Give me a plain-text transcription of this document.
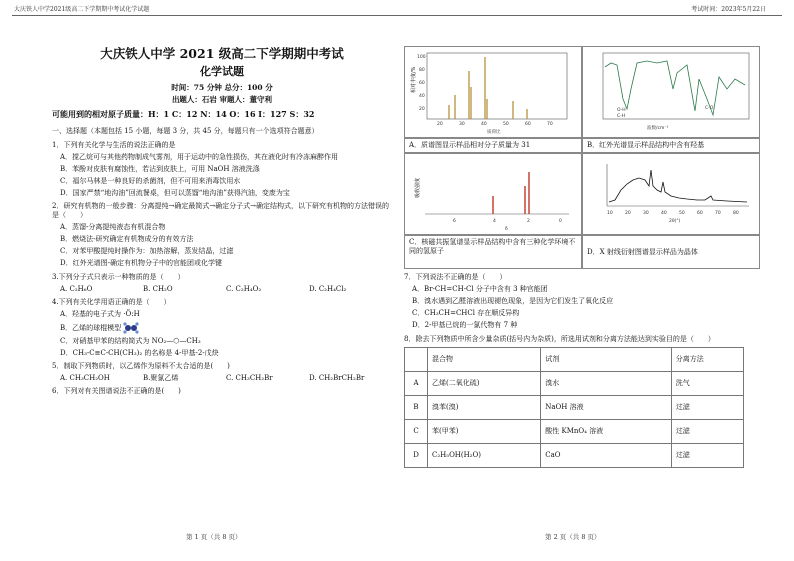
大庆铁人中学2021级高二下学期期中考试化学试题	考试时间：2023年5月22日
大庆铁人中学 2021 级高二下学期期中考试
化学试题
时间：75 分钟 总分：100 分
出题人：石岩 审题人：董守利
可能用到的相对原子质量：H：1 C：12 N：14 O：16 I：127 S：32
一、选择题（本题包括 15 小题，每题 3 分，共 45 分，每题只有一个选项符合题意）

1．下列有关化学与生活的说法正确的是

A．搅乙烷可与其他药物制成气雾剂，用于运动中的急性损伤，其在液化时有冷冻麻醉作用

B．苯酚对皮肤有腐蚀性，若沾到皮肤上，可用 NaOH 溶液洗涤

C．福尔马林是一种良好的杀菌剂，但不可用来消毒饮用水

D．国家严禁“地沟油”回流餐桌，但可以蒸馏“地沟油”获得汽油，变废为宝

2．研究有机物的一般步骤：分离提纯→确定最简式→确定分子式→确定结构式，以下研究有机物的方法错误的是（　　）

A．蒸馏-分离提纯液态有机混合物

B．燃烧法-研究确定有机物成分的有效方法

C．对苯甲酸提纯时操作为：加热溶解，蒸发结晶，过滤

D．红外光谱图-确定有机物分子中的官能团或化学键

3.下列分子式只表示一种物质的是（　　）

A. C₂H₆O	B. CH₂O	C. C₂H₄O₂	D. C₂H₄Cl₂

4.下列有关化学用语正确的是（　　）

A．羟基的电子式为 ·Ö:H

B．乙烯的球棍模型

C．对硝基甲苯的结构简式为 NO₂—⬡—CH₃

D．CH₃-C≡C-CH(CH₃)₂ 的名称是 4-甲基-2-戊炔

5．制取下列物质时，以乙烯作为原料不太合适的是(　　)

A. CH₃CH₂OH	B.聚氯乙烯	C. CH₃CH₂Br	D. CH₂BrCH₂Br

6．下列对有关图谱说法不正确的是(　　)

相对丰度/%
100
80
60
40
20
20	30	40	50	60	70
质荷比
O-H
C-H
C-O
波数/cm⁻¹
A．质谱图显示样品相对分子质量为 31	B．红外光谱显示样品结构中含有羟基
吸收强度
6	4	2	0
δ
10	20	30	40	50	60	70	80
2θ(°)
C．核磁共振氢谱显示样品结构中含有三种化学环境不同的氢原子	D．X 射线衍射图谱显示样品为晶体

7．下列说法不正确的是（　　）

A．Br-CH=CH-Cl 分子中含有 3 种官能团

B．溴水遇到乙醛溶液出现褪色现象，是因为它们发生了氧化反应

C．CH₃CH=CHCl 存在顺反异构

D．2-甲基已烷的一氯代物有 7 种

8．除去下列物质中所含少量杂质(括号内为杂质)，所选用试剂和分离方法能达到实验目的是（　　）

	混合物	试剂	分离方法
A	乙烯(二氧化硫)	溴水	洗气
B	溴苯(溴)	NaOH 溶液	过滤
C	苯(甲苯)	酸性 KMnO₄ 溶液	过滤
D	C₂H₅OH(H₂O)	CaO	过滤
第 1 页（共 8 页）	第 2 页（共 8 页）
